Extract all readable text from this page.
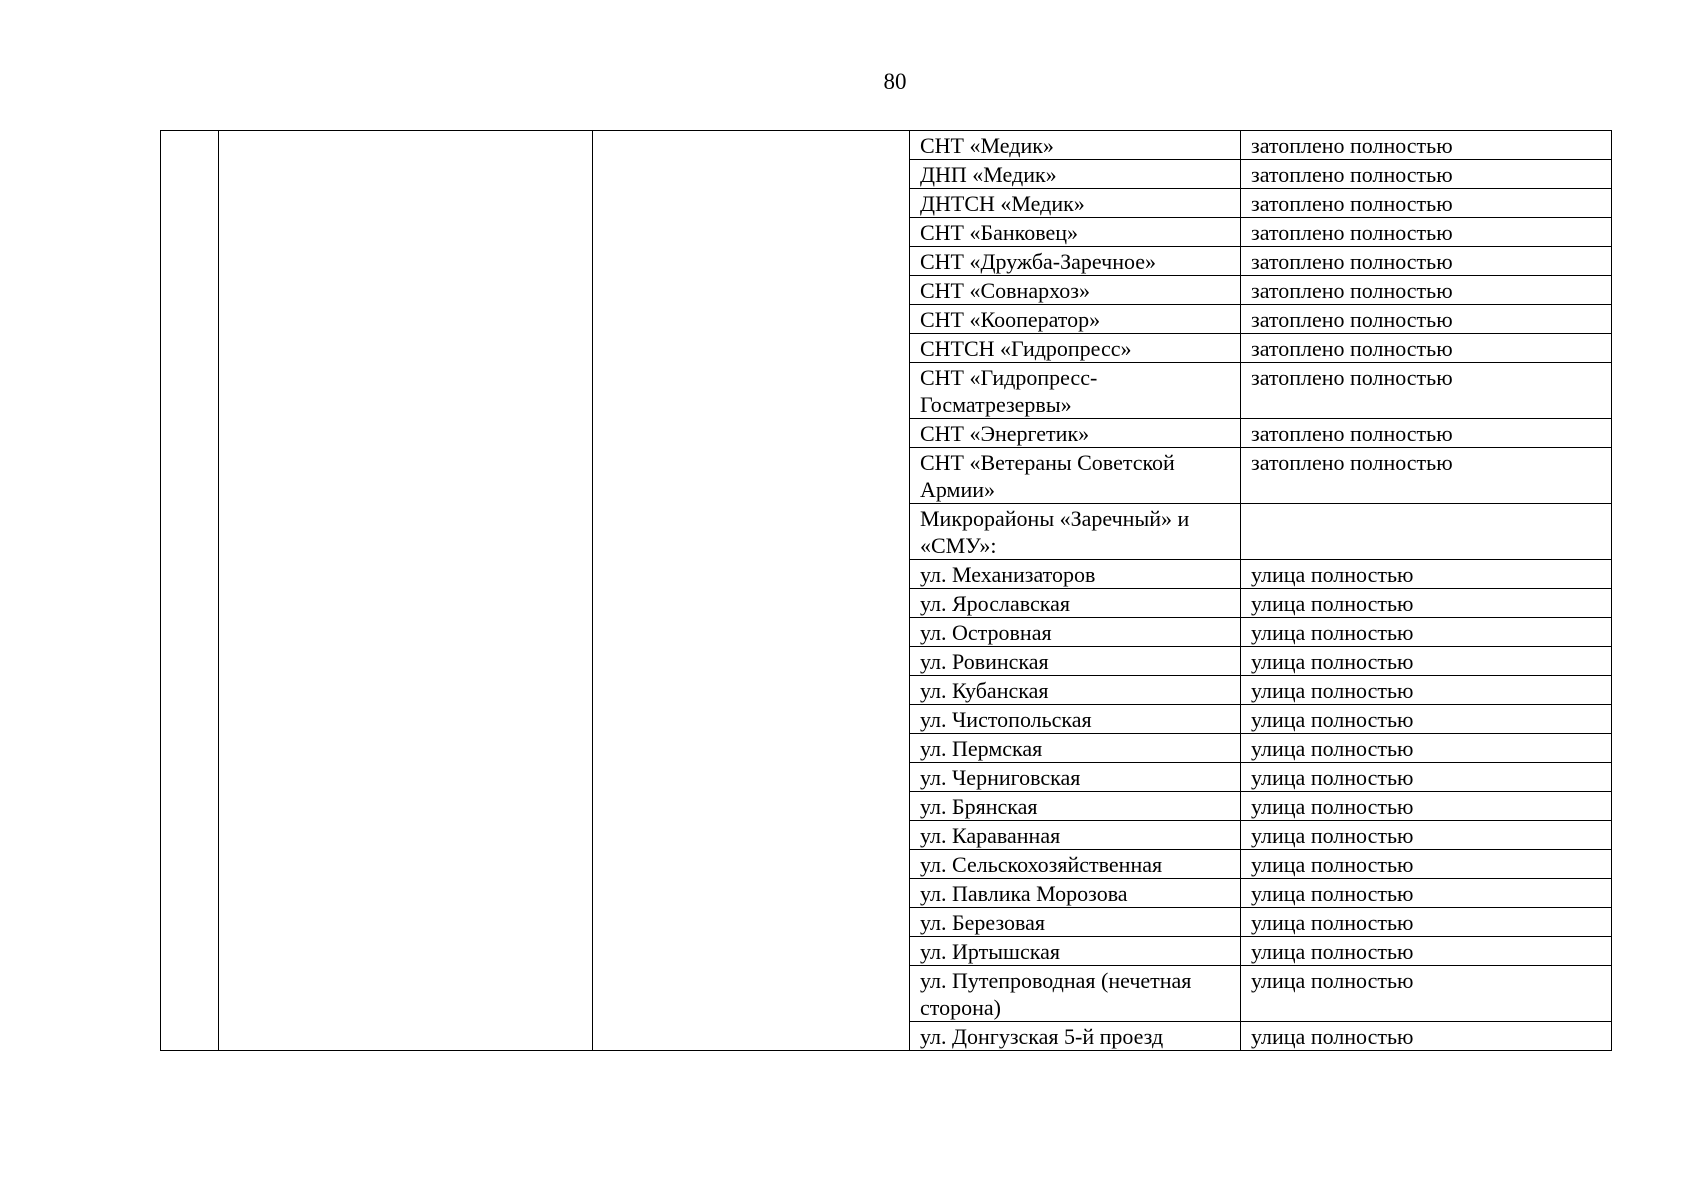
80
			СНТ «Медик»	затоплено полностью
			ДНП «Медик»	затоплено полностью
			ДНТСН «Медик»	затоплено полностью
			СНТ «Банковец»	затоплено полностью
			СНТ «Дружба-Заречное»	затоплено полностью
			СНТ «Совнархоз»	затоплено полностью
			СНТ «Кооператор»	затоплено полностью
			СНТСН «Гидропресс»	затоплено полностью
			СНТ «Гидропресс-Госматрезервы»	затоплено полностью
			СНТ «Энергетик»	затоплено полностью
			СНТ «Ветераны Советской Армии»	затоплено полностью
			Микрорайоны «Заречный» и «СМУ»:	
			ул. Механизаторов	улица полностью
			ул. Ярославская	улица полностью
			ул. Островная	улица полностью
			ул. Ровинская	улица полностью
			ул. Кубанская	улица полностью
			ул. Чистопольская	улица полностью
			ул. Пермская	улица полностью
			ул. Черниговская	улица полностью
			ул. Брянская	улица полностью
			ул. Караванная	улица полностью
			ул. Сельскохозяйственная	улица полностью
			ул. Павлика Морозова	улица полностью
			ул. Березовая	улица полностью
			ул. Иртышская	улица полностью
			ул. Путепроводная (нечетная сторона)	улица полностью
			ул. Донгузская 5-й проезд	улица полностью
